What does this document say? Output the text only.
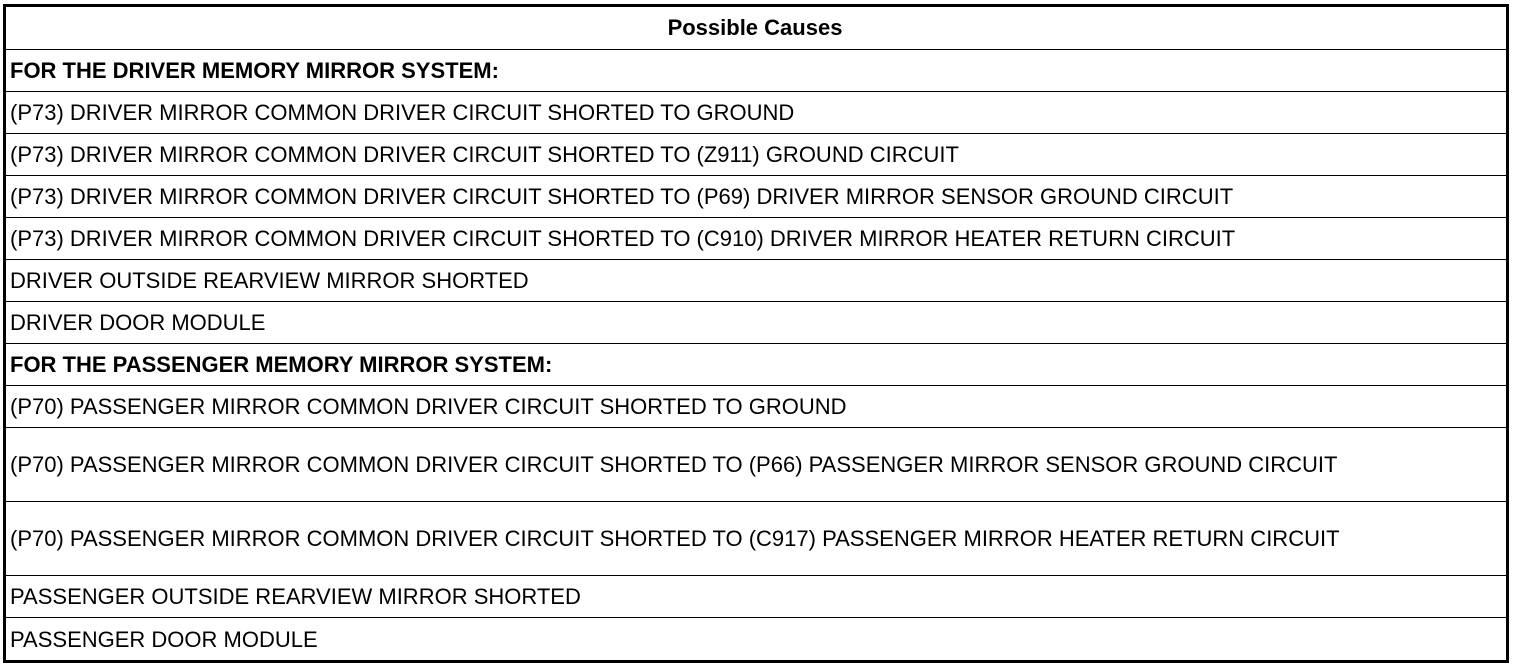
Possible Causes
FOR THE DRIVER MEMORY MIRROR SYSTEM:
(P73) DRIVER MIRROR COMMON DRIVER CIRCUIT SHORTED TO GROUND
(P73) DRIVER MIRROR COMMON DRIVER CIRCUIT SHORTED TO (Z911) GROUND CIRCUIT
(P73) DRIVER MIRROR COMMON DRIVER CIRCUIT SHORTED TO (P69) DRIVER MIRROR SENSOR GROUND CIRCUIT
(P73) DRIVER MIRROR COMMON DRIVER CIRCUIT SHORTED TO (C910) DRIVER MIRROR HEATER RETURN CIRCUIT
DRIVER OUTSIDE REARVIEW MIRROR SHORTED
DRIVER DOOR MODULE
FOR THE PASSENGER MEMORY MIRROR SYSTEM:
(P70) PASSENGER MIRROR COMMON DRIVER CIRCUIT SHORTED TO GROUND
(P70) PASSENGER MIRROR COMMON DRIVER CIRCUIT SHORTED TO (P66) PASSENGER MIRROR SENSOR GROUND CIRCUIT
(P70) PASSENGER MIRROR COMMON DRIVER CIRCUIT SHORTED TO (C917) PASSENGER MIRROR HEATER RETURN CIRCUIT
PASSENGER OUTSIDE REARVIEW MIRROR SHORTED
PASSENGER DOOR MODULE
